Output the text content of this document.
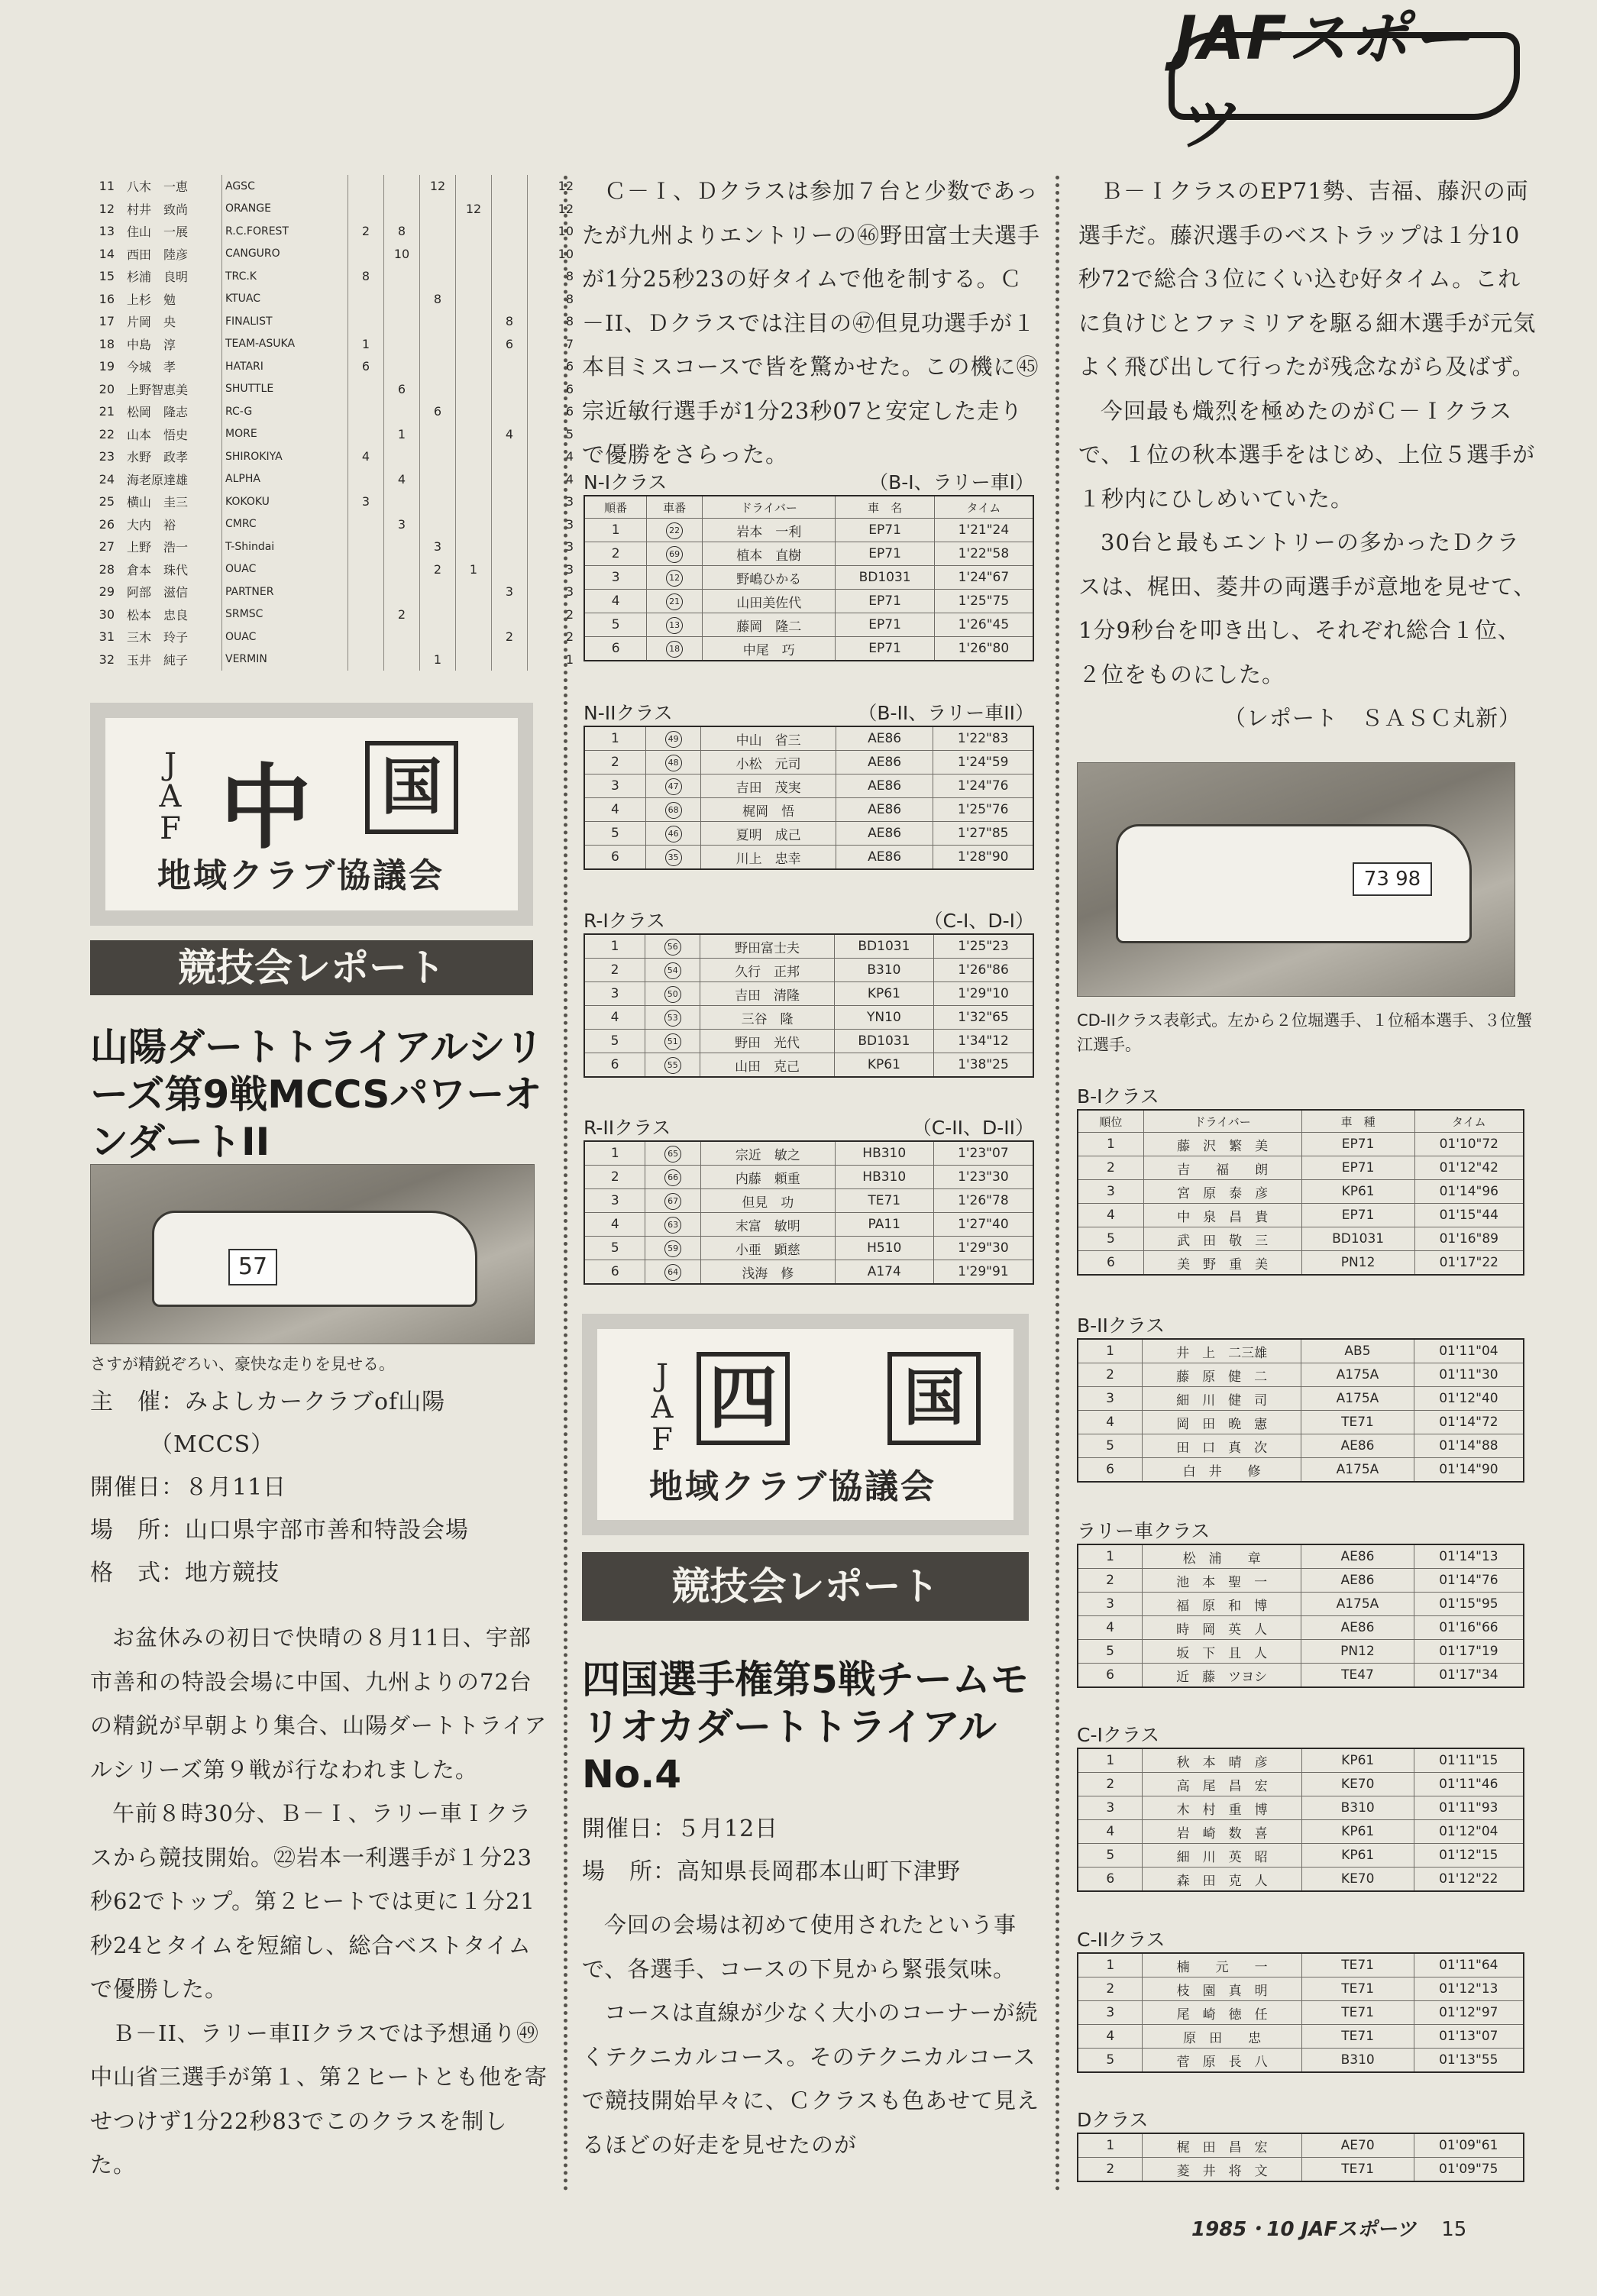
JAFスポーツ
11	八木　一恵	AGSC			12			12
12	村井　致尚	ORANGE				12		12
13	住山　一展	R.C.FOREST	2	8				10
14	西田　陸彦	CANGURO		10				10
15	杉浦　良明	TRC.K	8					8
16	上杉　勉	KTUAC			8			8
17	片岡　央	FINALIST					8	8
18	中島　淳	TEAM-ASUKA	1				6	7
19	今城　孝	HATARI	6					6
20	上野智恵美	SHUTTLE		6				6
21	松岡　隆志	RC-G			6			6
22	山本　悟史	MORE		1			4	5
23	水野　政孝	SHIROKIYA	4					4
24	海老原達雄	ALPHA		4				4
25	横山　圭三	KOKOKU	3					3
26	大内　裕	CMRC		3				3
27	上野　浩一	T-Shindai			3			3
28	倉本　珠代	OUAC			2	1		3
29	阿部　滋信	PARTNER					3	3
30	松本　忠良	SRMSC		2				2
31	三木　玲子	OUAC					2	2
32	玉井　純子	VERMIN			1			1
J
A
F 中 国
地域クラブ協議会
競技会レポート
山陽ダートトライアルシリーズ第9戦MCCSパワーオンダートII
57
さすが精鋭ぞろい、豪快な走りを見せる。
主　催：みよしカークラブof山陽
　　　（MCCS）
開催日：８月11日
場　所：山口県宇部市善和特設会場
格　式：地方競技

お盆休みの初日で快晴の８月11日、宇部市善和の特設会場に中国、九州よりの72台の精鋭が早朝より集合、山陽ダートトライアルシリーズ第９戦が行なわれました。

午前８時30分、Ｂ－Ｉ、ラリー車Ｉクラスから競技開始。㉒岩本一利選手が１分23秒62でトップ。第２ヒートでは更に１分21秒24とタイムを短縮し、総合ベストタイムで優勝した。

Ｂ－II、ラリー車IIクラスでは予想通り㊾中山省三選手が第１、第２ヒートとも他を寄せつけず1分22秒83でこのクラスを制した。

Ｃ－Ｉ、Ｄクラスは参加７台と少数であったが九州よりエントリーの㊻野田富士夫選手が1分25秒23の好タイムで他を制する。Ｃ－II、Ｄクラスでは注目の㊼但見功選手が１本目ミスコースで皆を驚かせた。この機に㊺宗近敏行選手が1分23秒07と安定した走りで優勝をさらった。

N-Iクラス	（B-I、ラリー車I）
順番	車番	ドライバー	車　名	タイム
1	22	岩本　一利	EP71	1'21"24
2	69	植本　直樹	EP71	1'22"58
3	12	野嶋ひかる	BD1031	1'24"67
4	21	山田美佐代	EP71	1'25"75
5	13	藤岡　隆二	EP71	1'26"45
6	18	中尾　巧	EP71	1'26"80
N-IIクラス	（B-II、ラリー車II）
1	49	中山　省三	AE86	1'22"83
2	48	小松　元司	AE86	1'24"59
3	47	吉田　茂実	AE86	1'24"76
4	68	梶岡　悟	AE86	1'25"76
5	46	夏明　成己	AE86	1'27"85
6	35	川上　忠幸	AE86	1'28"90
R-Iクラス	（C-I、D-I）
1	56	野田富士夫	BD1031	1'25"23
2	54	久行　正邦	B310	1'26"86
3	50	吉田　清隆	KP61	1'29"10
4	53	三谷　隆	YN10	1'32"65
5	51	野田　光代	BD1031	1'34"12
6	55	山田　克己	KP61	1'38"25
R-IIクラス	（C-II、D-II）
1	65	宗近　敏之	HB310	1'23"07
2	66	内藤　頼重	HB310	1'23"30
3	67	但見　功	TE71	1'26"78
4	63	末富　敏明	PA11	1'27"40
5	59	小亜　顕慈	H510	1'29"30
6	64	浅海　修	A174	1'29"91
J
A
F
四 国
地域クラブ協議会
競技会レポート
四国選手権第5戦チームモリオカダートトライアルNo.4
開催日：５月12日
場　所：高知県長岡郡本山町下津野

今回の会場は初めて使用されたという事で、各選手、コースの下見から緊張気味。

コースは直線が少なく大小のコーナーが続くテクニカルコース。そのテクニカルコースで競技開始早々に、Ｃクラスも色あせて見えるほどの好走を見せたのが

Ｂ－ＩクラスのEP71勢、吉福、藤沢の両選手だ。藤沢選手のベストラップは１分10秒72で総合３位にくい込む好タイム。これに負けじとファミリアを駆る細木選手が元気よく飛び出して行ったが残念ながら及ばず。

今回最も熾烈を極めたのがＣ－Ｉクラスで、１位の秋本選手をはじめ、上位５選手が１秒内にひしめいていた。

30台と最もエントリーの多かったＤクラスは、梶田、菱井の両選手が意地を見せて、1分9秒台を叩き出し、それぞれ総合１位、２位をものにした。

（レポート　ＳＡＳＣ丸新）
73 98
CD-IIクラス表彰式。左から２位堀選手、１位稲本選手、３位蟹江選手。
B-Iクラス
順位	ドライバー	車　種	タイム
1	藤　沢　繁　美	EP71	01'10"72
2	吉　　福　　朗	EP71	01'12"42
3	宮　原　泰　彦	KP61	01'14"96
4	中　泉　昌　貴	EP71	01'15"44
5	武　田　敬　三	BD1031	01'16"89
6	美　野　重　美	PN12	01'17"22
B-IIクラス
1	井　上　二三雄	AB5	01'11"04
2	藤　原　健　二	A175A	01'11"30
3	細　川　健　司	A175A	01'12"40
4	岡　田　晩　憲	TE71	01'14"72
5	田　口　真　次	AE86	01'14"88
6	白　井　　修	A175A	01'14"90
ラリー車クラス
1	松　浦　　章	AE86	01'14"13
2	池　本　聖　一	AE86	01'14"76
3	福　原　和　博	A175A	01'15"95
4	時　岡　英　人	AE86	01'16"66
5	坂　下　且　人	PN12	01'17"19
6	近　藤　ツヨシ	TE47	01'17"34
C-Iクラス
1	秋　本　晴　彦	KP61	01'11"15
2	高　尾　昌　宏	KE70	01'11"46
3	木　村　重　博	B310	01'11"93
4	岩　崎　数　喜	KP61	01'12"04
5	細　川　英　昭	KP61	01'12"15
6	森　田　克　人	KE70	01'12"22
C-IIクラス
1	楠　　元　　一	TE71	01'11"64
2	枝　園　真　明	TE71	01'12"13
3	尾　崎　徳　任	TE71	01'12"97
4	原　田　　忠	TE71	01'13"07
5	菅　原　長　八	B310	01'13"55
Dクラス
1	梶　田　昌　宏	AE70	01'09"61
2	菱　井　将　文	TE71	01'09"75
1985・10 JAFスポーツ 15
